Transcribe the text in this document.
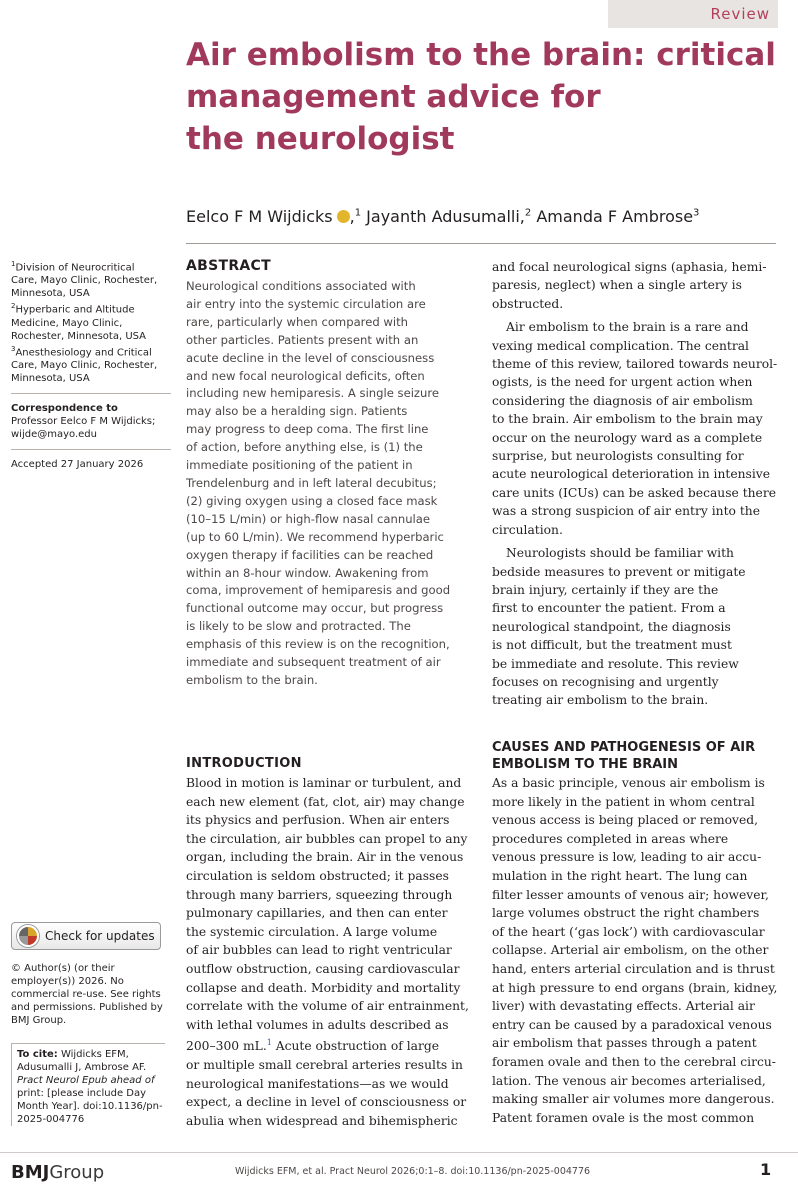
Review
Air embolism to the brain: critical
management advice for
the neurologist
Eelco F M Wijdicks ,$^1$ Jayanth Adusumalli,$^2$ Amanda F Ambrose$^3$
$^1$Division of Neurocritical
Care, Mayo Clinic, Rochester,
Minnesota, USA
$^2$Hyperbaric and Altitude
Medicine, Mayo Clinic,
Rochester, Minnesota, USA
$^3$Anesthesiology and Critical
Care, Mayo Clinic, Rochester,
Minnesota, USA
Correspondence to
Professor Eelco F M Wijdicks;
wijde@mayo.edu
Accepted 27 January 2026
Check for updates
© Author(s) (or their
employer(s)) 2026. No
commercial re-use. See rights
and permissions. Published by
BMJ Group.
To cite: Wijdicks EFM,
Adusumalli J, Ambrose AF.
Pract Neurol Epub ahead of
print: [please include Day
Month Year]. doi:10.1136/pn-
2025-004776
ABSTRACT
Neurological conditions associated with
air entry into the systemic circulation are
rare, particularly when compared with
other particles. Patients present with an
acute decline in the level of consciousness
and new focal neurological deficits, often
including new hemiparesis. A single seizure
may also be a heralding sign. Patients
may progress to deep coma. The first line
of action, before anything else, is (1) the
immediate positioning of the patient in
Trendelenburg and in left lateral decubitus;
(2) giving oxygen using a closed face mask
(10–15 L/min) or high-flow nasal cannulae
(up to 60 L/min). We recommend hyperbaric
oxygen therapy if facilities can be reached
within an 8-hour window. Awakening from
coma, improvement of hemiparesis and good
functional outcome may occur, but progress
is likely to be slow and protracted. The
emphasis of this review is on the recognition,
immediate and subsequent treatment of air
embolism to the brain.
INTRODUCTION
Blood in motion is laminar or turbulent, and
each new element (fat, clot, air) may change
its physics and perfusion. When air enters
the circulation, air bubbles can propel to any
organ, including the brain. Air in the venous
circulation is seldom obstructed; it passes
through many barriers, squeezing through
pulmonary capillaries, and then can enter
the systemic circulation. A large volume
of air bubbles can lead to right ventricular
outflow obstruction, causing cardiovascular
collapse and death. Morbidity and mortality
correlate with the volume of air entrainment,
with lethal volumes in adults described as
200–300 mL.$^1$ Acute obstruction of large
or multiple small cerebral arteries results in
neurological manifestations—as we would
expect, a decline in level of consciousness or
abulia when widespread and bihemispheric
and focal neurological signs (aphasia, hemi-
paresis, neglect) when a single artery is
obstructed.
Air embolism to the brain is a rare and
vexing medical complication. The central
theme of this review, tailored towards neurol-
ogists, is the need for urgent action when
considering the diagnosis of air embolism
to the brain. Air embolism to the brain may
occur on the neurology ward as a complete
surprise, but neurologists consulting for
acute neurological deterioration in intensive
care units (ICUs) can be asked because there
was a strong suspicion of air entry into the
circulation.
Neurologists should be familiar with
bedside measures to prevent or mitigate
brain injury, certainly if they are the
first to encounter the patient. From a
neurological standpoint, the diagnosis
is not difficult, but the treatment must
be immediate and resolute. This review
focuses on recognising and urgently
treating air embolism to the brain.
CAUSES AND PATHOGENESIS OF AIR
EMBOLISM TO THE BRAIN
As a basic principle, venous air embolism is
more likely in the patient in whom central
venous access is being placed or removed,
procedures completed in areas where
venous pressure is low, leading to air accu-
mulation in the right heart. The lung can
filter lesser amounts of venous air; however,
large volumes obstruct the right chambers
of the heart (‘gas lock’) with cardiovascular
collapse. Arterial air embolism, on the other
hand, enters arterial circulation and is thrust
at high pressure to end organs (brain, kidney,
liver) with devastating effects. Arterial air
entry can be caused by a paradoxical venous
air embolism that passes through a patent
foramen ovale and then to the cerebral circu-
lation. The venous air becomes arterialised,
making smaller air volumes more dangerous.
Patent foramen ovale is the most common
BMJGroup	Wijdicks EFM, et al. Pract Neurol 2026;0:1–8. doi:10.1136/pn-2025-004776	1
